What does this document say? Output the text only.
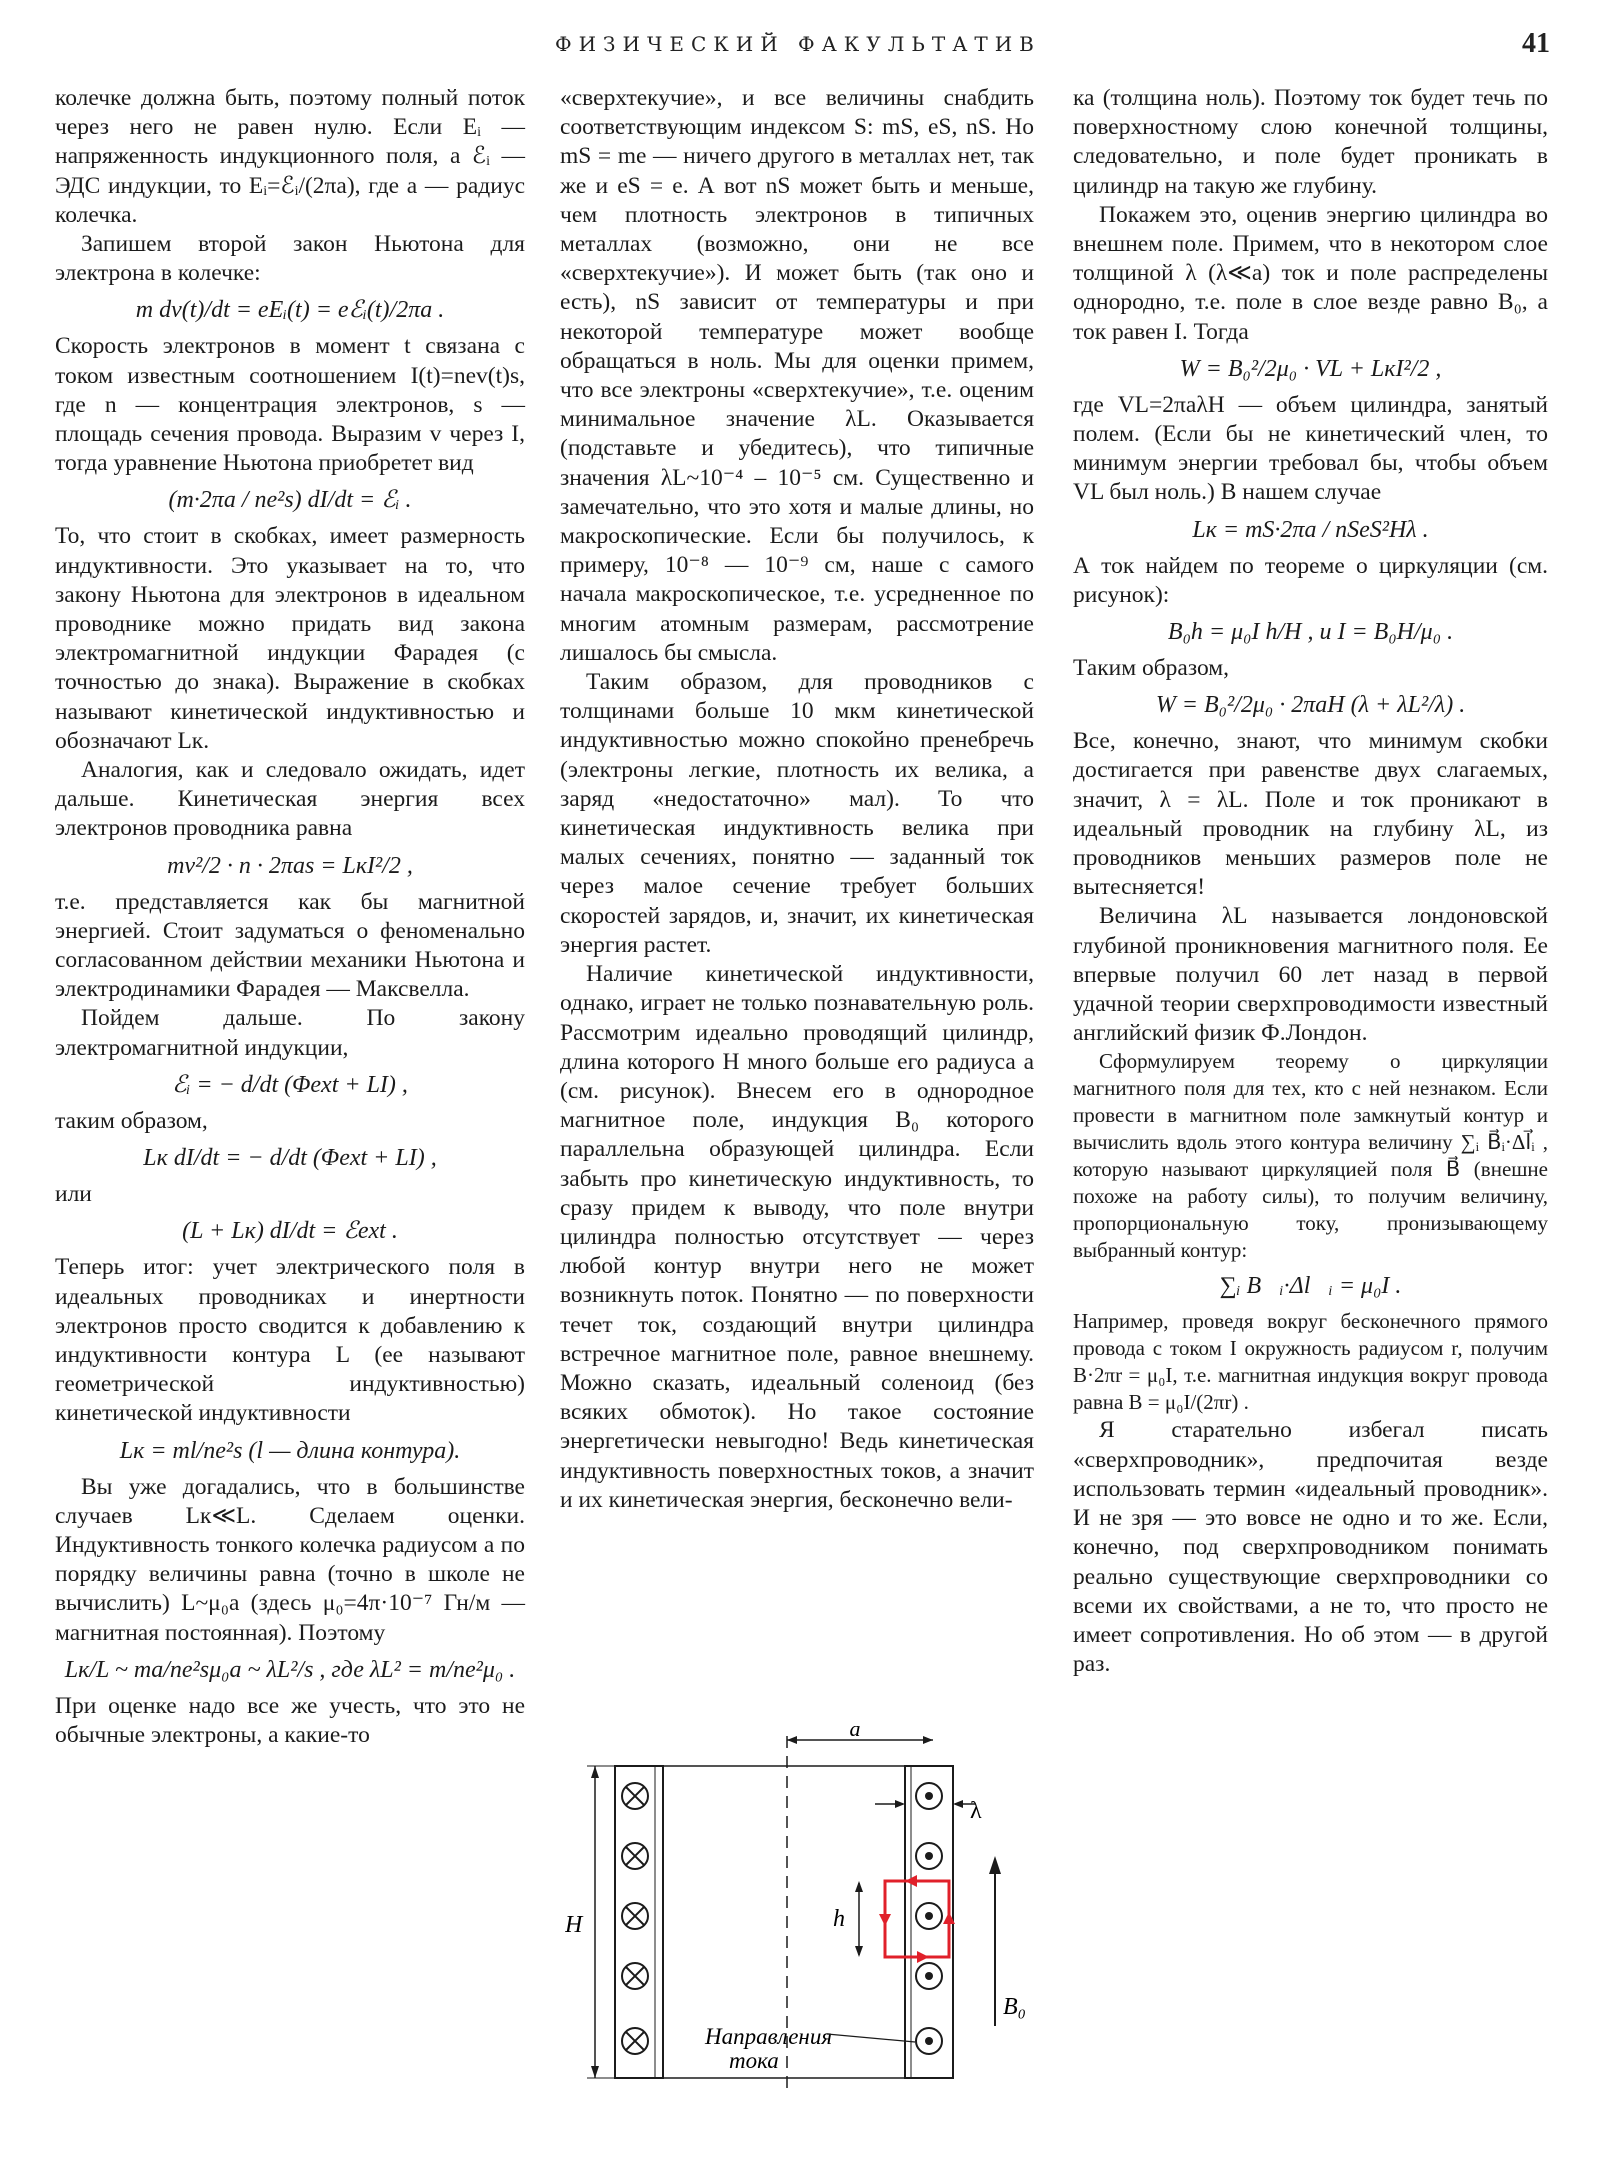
ФИЗИЧЕСКИЙ ФАКУЛЬТАТИВ	41

колечке должна быть, поэтому полный поток через него не равен нулю. Если Eᵢ — напряженность индукционного поля, а ℰᵢ — ЭДС индукции, то Eᵢ=ℰᵢ/(2πa), где a — радиус колечка.

Запишем второй закон Ньютона для электрона в колечке:

m dv(t)/dt = eEᵢ(t) = eℰᵢ(t)/2πa .

Скорость электронов в момент t связана с током известным соотношением I(t)=nev(t)s, где n — концентрация электронов, s — площадь сечения провода. Выразим v через I, тогда уравнение Ньютона приобретет вид

(m·2πa / ne²s) dI/dt = ℰᵢ .

То, что стоит в скобках, имеет размерность индуктивности. Это указывает на то, что закону Ньютона для электронов в идеальном проводнике можно придать вид закона электромагнитной индукции Фарадея (с точностью до знака). Выражение в скобках называют кинетической индуктивностью и обозначают Lк.

Аналогия, как и следовало ожидать, идет дальше. Кинетическая энергия всех электронов проводника равна

mv²/2 · n · 2πas = LкI²/2 ,

т.е. представляется как бы магнитной энергией. Стоит задуматься о феноменально согласованном действии механики Ньютона и электродинамики Фарадея — Максвелла.

Пойдем дальше. По закону электромагнитной индукции,

ℰᵢ = − d/dt (Φext + LI) ,

таким образом,

Lк dI/dt = − d/dt (Φext + LI) ,

или

(L + Lк) dI/dt = ℰext .

Теперь итог: учет электрического поля в идеальных проводниках и инертности электронов просто сводится к добавлению к индуктивности контура L (ее называют геометрической индуктивностью) кинетической индуктивности

Lк = ml/ne²s (l — длина контура).

Вы уже догадались, что в большинстве случаев Lк≪L. Сделаем оценки. Индуктивность тонкого колечка радиусом a по порядку величины равна (точно в школе не вычислить) L~μ₀a (здесь μ₀=4π·10⁻⁷ Гн/м — магнитная постоянная). Поэтому

Lк/L ~ ma/ne²sμ₀a ~ λL²/s , где λL² = m/ne²μ₀ .

При оценке надо все же учесть, что это не обычные электроны, а какие-то

«сверхтекучие», и все величины снабдить соответствующим индексом S: mS, eS, nS. Но mS = me — ничего другого в металлах нет, так же и eS = e. А вот nS может быть и меньше, чем плотность электронов в типичных металлах (возможно, они не все «сверхтекучие»). И может быть (так оно и есть), nS зависит от температуры и при некоторой температуре может вообще обращаться в ноль. Мы для оценки примем, что все электроны «сверхтекучие», т.е. оценим минимальное значение λL. Оказывается (подставьте и убедитесь), что типичные значения λL~10⁻⁴ – 10⁻⁵ см. Существенно и замечательно, что это хотя и малые длины, но макроскопические. Если бы получилось, к примеру, 10⁻⁸ — 10⁻⁹ см, наше с самого начала макроскопическое, т.е. усредненное по многим атомным размерам, рассмотрение лишалось бы смысла.

Таким образом, для проводников с толщинами больше 10 мкм кинетической индуктивностью можно спокойно пренебречь (электроны легкие, плотность их велика, а заряд «недостаточно» мал). То что кинетическая индуктивность велика при малых сечениях, понятно — заданный ток через малое сечение требует больших скоростей зарядов, и, значит, их кинетическая энергия растет.

Наличие кинетической индуктивности, однако, играет не только познавательную роль. Рассмотрим идеально проводящий цилиндр, длина которого H много больше его радиуса a (см. рисунок). Внесем его в однородное магнитное поле, индукция B₀ которого параллельна образующей цилиндра. Если забыть про кинетическую индуктивность, то сразу придем к выводу, что поле внутри цилиндра полностью отсутствует — через любой контур внутри него не может возникнуть поток. Понятно — по поверхности течет ток, создающий внутри цилиндра встречное магнитное поле, равное внешнему. Можно сказать, идеальный соленоид (без всяких обмоток). Но такое состояние энергетически невыгодно! Ведь кинетическая индуктивность поверхностных токов, а значит и их кинетическая энергия, бесконечно вели-

ка (толщина ноль). Поэтому ток будет течь по поверхностному слою конечной толщины, следовательно, и поле будет проникать в цилиндр на такую же глубину.

Покажем это, оценив энергию цилиндра во внешнем поле. Примем, что в некотором слое толщиной λ (λ≪a) ток и поле распределены однородно, т.е. поле в слое везде равно B₀, а ток равен I. Тогда

W = B₀²/2μ₀ · VL + LкI²/2 ,

где VL=2πaλH — объем цилиндра, занятый полем. (Если бы не кинетический член, то минимум энергии требовал бы, чтобы объем VL был ноль.) В нашем случае

Lк = mS·2πa / nSeS²Hλ .

А ток найдем по теореме о циркуляции (см. рисунок):

B₀h = μ₀I h/H , и I = B₀H/μ₀ .

Таким образом,

W = B₀²/2μ₀ · 2πaH (λ + λL²/λ) .

Все, конечно, знают, что минимум скобки достигается при равенстве двух слагаемых, значит, λ = λL. Поле и ток проникают в идеальный проводник на глубину λL, из проводников меньших размеров поле не вытесняется!

Величина λL называется лондоновской глубиной проникновения магнитного поля. Ее впервые получил 60 лет назад в первой удачной теории сверхпроводимости известный английский физик Ф.Лондон.

Сформулируем теорему о циркуляции магнитного поля для тех, кто с ней незнаком. Если провести в магнитном поле замкнутый контур и вычислить вдоль этого контура величину ∑ᵢ B⃗ᵢ·Δl⃗ᵢ , которую называют циркуляцией поля B⃗ (внешне похоже на работу силы), то получим величину, пропорциональную току, пронизывающему выбранный контур:

∑ᵢ B⃗ᵢ·Δl⃗ᵢ = μ₀I .

Например, проведя вокруг бесконечного прямого провода с током I окружность радиусом r, получим B·2πr = μ₀I, т.е. магнитная индукция вокруг провода равна B = μ₀I/(2πr) .

Я старательно избегал писать «сверхпроводник», предпочитая везде использовать термин «идеальный проводник». И не зря — это вовсе не одно и то же. Если, конечно, под сверхпроводником понимать реально существующие сверхпроводники со всеми их свойствами, а не то, что просто не имеет сопротивления. Но об этом — в другой раз.

a
H
λ
h
B₀
Направления
тока
